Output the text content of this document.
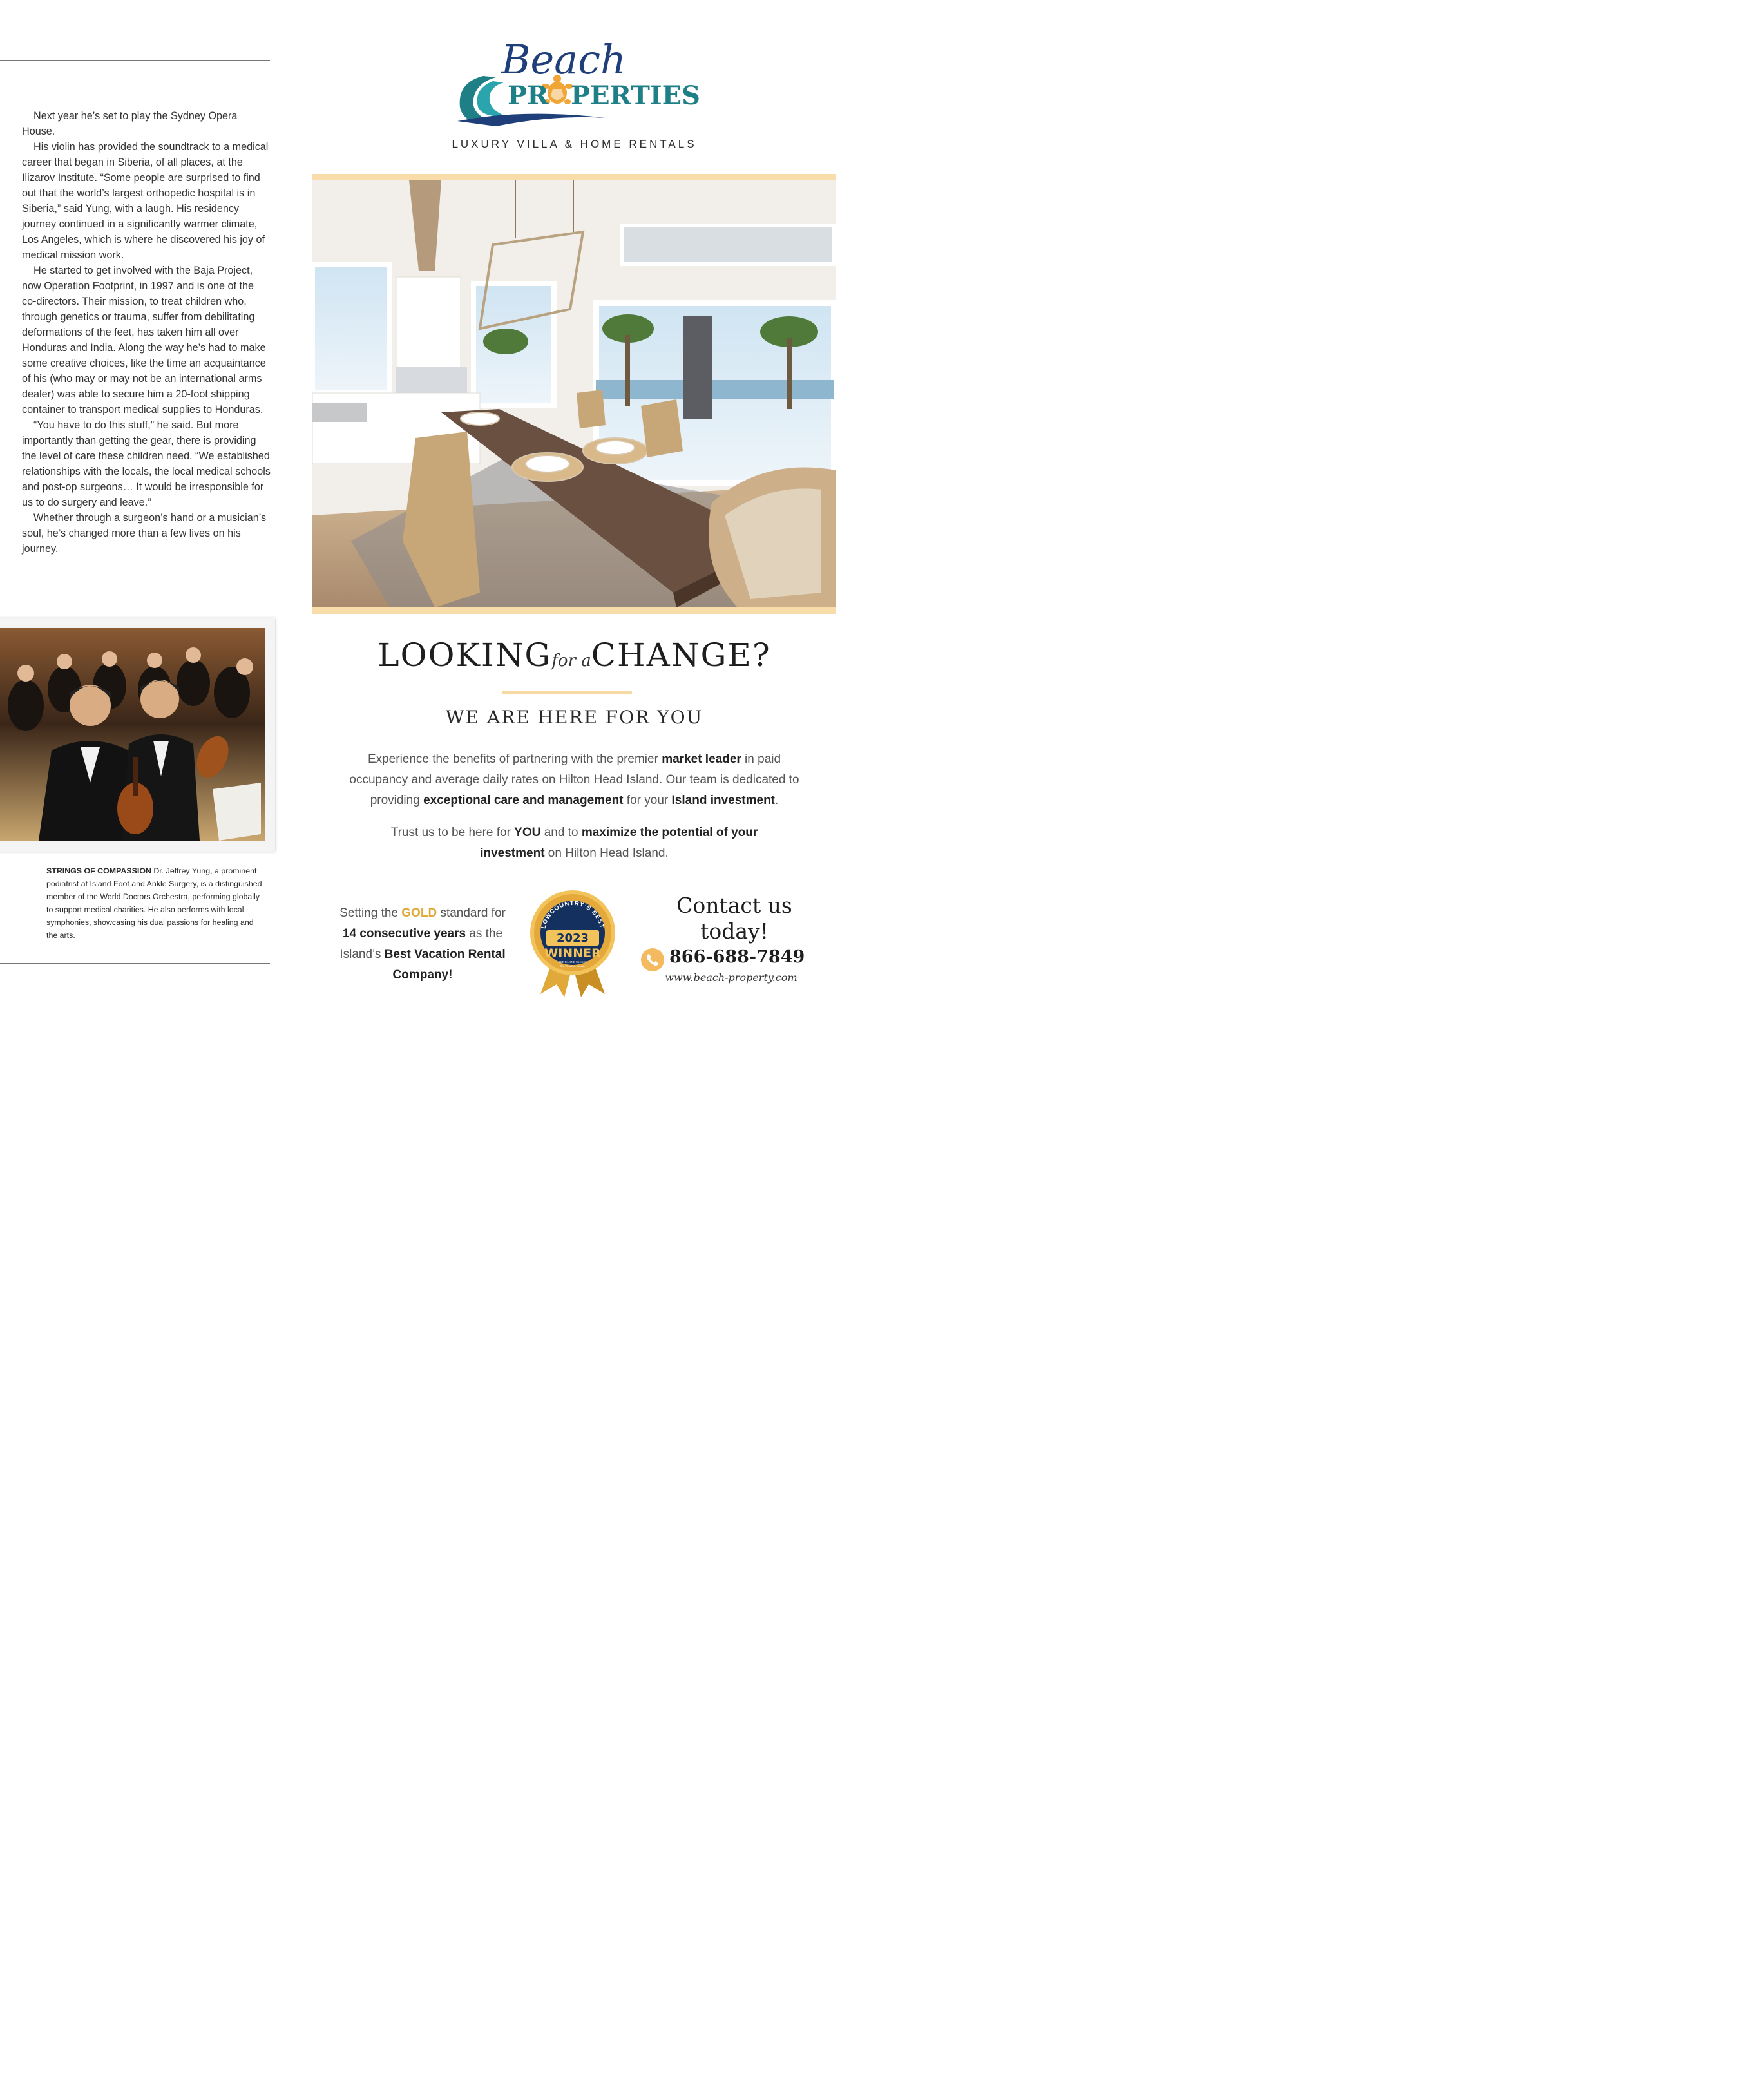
Next year he’s set to play the Sydney Opera House.

His violin has provided the soundtrack to a medical career that began in Siberia, of all places, at the Ilizarov Institute. “Some people are surprised to find out that the world’s largest orthopedic hospital is in Siberia,” said Yung, with a laugh. His residency journey continued in a significantly warmer climate, Los Angeles, which is where he discovered his joy of medical mission work.

He started to get involved with the Baja Project, now Operation Footprint, in 1997 and is one of the co-directors. Their mission, to treat children who, through genetics or trauma, suffer from debilitating deformations of the feet, has taken him all over Honduras and India. Along the way he’s had to make some creative choices, like the time an acquaintance of his (who may or may not be an international arms dealer) was able to secure him a 20-foot shipping container to transport medical supplies to Honduras.

“You have to do this stuff,” he said. But more importantly than getting the gear, there is providing the level of care these children need. “We established relationships with the locals, the local medical schools and post-op surgeons… It would be irresponsible for us to do surgery and leave.”

Whether through a surgeon’s hand or a musician’s soul, he’s changed more than a few lives on his journey.

STRINGS OF COMPASSION Dr. Jeffrey Yung, a prominent podiatrist at Island Foot and Ankle Surgery, is a distinguished member of the World Doctors Orchestra, performing globally to support medical charities. He also performs with local symphonies, showcasing his dual passions for healing and the arts.
Beach
PR PERTIES
LUXURY VILLA & HOME RENTALS
LOOKINGfor aCHANGE?
WE ARE HERE FOR YOU
Experience the benefits of partnering with the premier market leader in paid occupancy and average daily rates on Hilton Head Island. Our team is dedicated to providing exceptional care and management for your Island investment.
Trust us to be here for YOU and to maximize the potential of your investment on Hilton Head Island.
Setting the GOLD standard for 14 consecutive years as the Island’s Best Vacation Rental Company!
LOWCOUNTRY’S BEST
2023
WINNER
THE ISLAND PACKET
The Beaufort Gazette
Contact us
today!
866-688-7849
www.beach-property.com
